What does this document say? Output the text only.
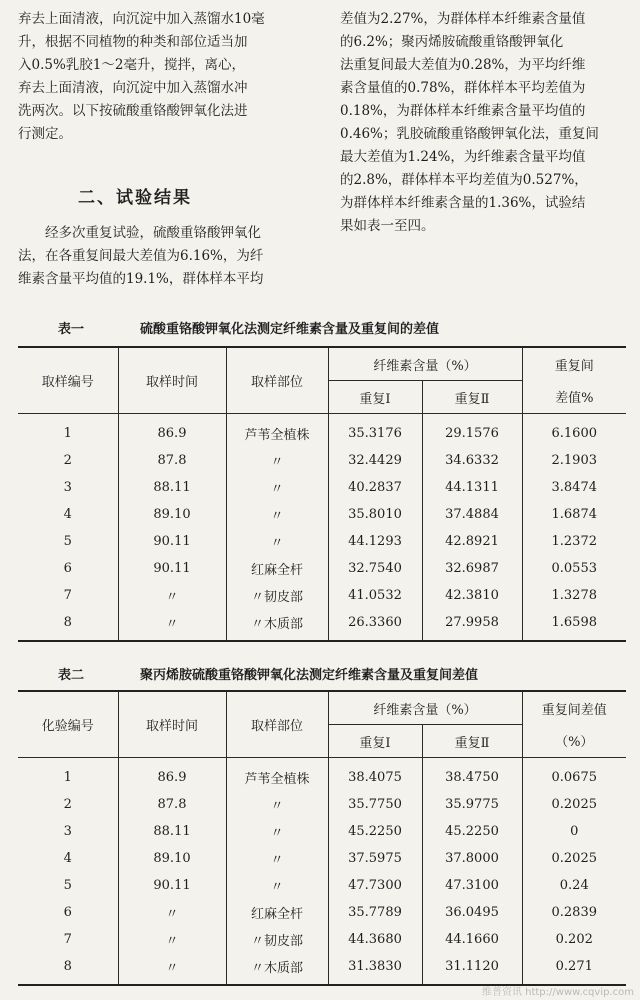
弃去上面清液，向沉淀中加入蒸馏水10毫

升，根据不同植物的种类和部位适当加

入0.5%乳胶1～2毫升，搅拌，离心，

弃去上面清液，向沉淀中加入蒸馏水冲

洗两次。以下按硫酸重铬酸钾氧化法进

行测定。

二、试验结果

经多次重复试验，硫酸重铬酸钾氧化

法，在各重复间最大差值为6.16%，为纤

维素含量平均值的19.1%，群体样本平均

差值为2.27%，为群体样本纤维素含量值

的6.2%；聚丙烯胺硫酸重铬酸钾氧化

法重复间最大差值为0.28%，为平均纤维

素含量值的0.78%，群体样本平均差值为

0.18%，为群体样本纤维素含量平均值的

0.46%；乳胶硫酸重铬酸钾氧化法，重复间

最大差值为1.24%，为纤维素含量平均值

的2.8%，群体样本平均差值为0.527%，

为群体样本纤维素含量的1.36%，试验结

果如表一至四。

表一	硫酸重铬酸钾氧化法测定纤维素含量及重复间的差值
取样编号	取样时间	取样部位	纤维素含量（%）		重复间
			重复Ⅰ	重复Ⅱ	差值%
1	86.9	芦苇全植株	35.3176	29.1576	6.1600
2	87.8	〃	32.4429	34.6332	2.1903
3	88.11	〃	40.2837	44.1311	3.8474
4	89.10	〃	35.8010	37.4884	1.6874
5	90.11	〃	44.1293	42.8921	1.2372
6	90.11	红麻全杆	32.7540	32.6987	0.0553
7	〃	〃韧皮部	41.0532	42.3810	1.3278
8	〃	〃木质部	26.3360	27.9958	1.6598
表二	聚丙烯胺硫酸重铬酸钾氧化法测定纤维素含量及重复间差值
化验编号	取样时间	取样部位	纤维素含量（%）		重复间差值
			重复Ⅰ	重复Ⅱ	（%）
1	86.9	芦苇全植株	38.4075	38.4750	0.0675
2	87.8	〃	35.7750	35.9775	0.2025
3	88.11	〃	45.2250	45.2250	0
4	89.10	〃	37.5975	37.8000	0.2025
5	90.11	〃	47.7300	47.3100	0.24
6	〃	红麻全杆	35.7789	36.0495	0.2839
7	〃	〃韧皮部	44.3680	44.1660	0.202
8	〃	〃木质部	31.3830	31.1120	0.271
维普资讯 http://www.cqvip.com
